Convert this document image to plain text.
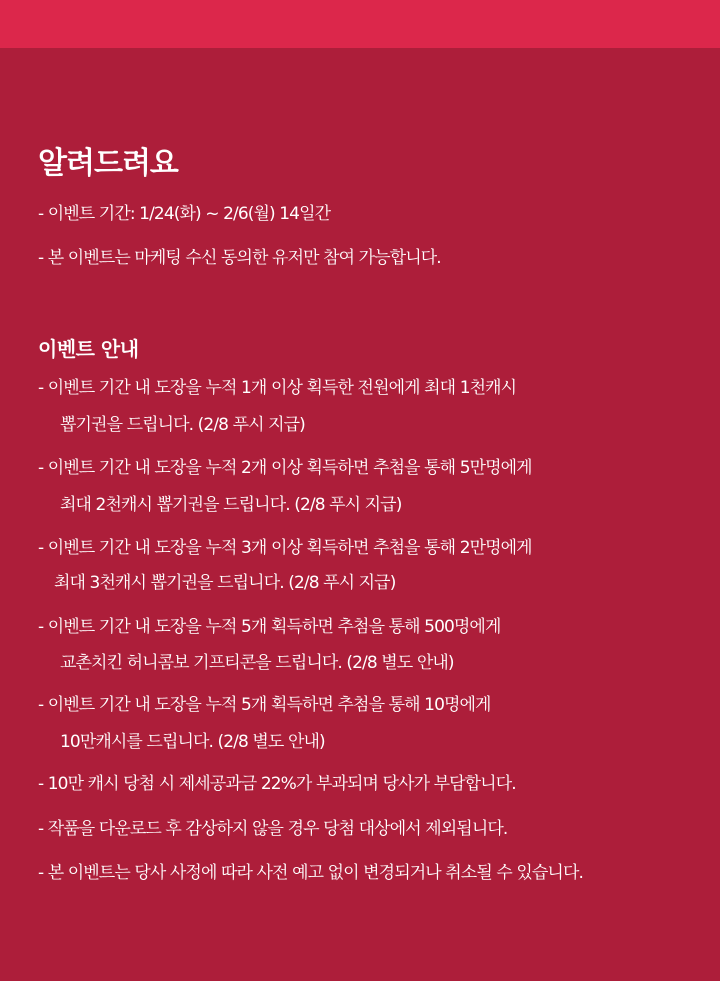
알려드려요
- 이벤트 기간: 1/24(화) ~ 2/6(월) 14일간
- 본 이벤트는 마케팅 수신 동의한 유저만 참여 가능합니다.
이벤트 안내
- 이벤트 기간 내 도장을 누적 1개 이상 획득한 전원에게 최대 1천캐시
뽑기권을 드립니다. (2/8 푸시 지급)
- 이벤트 기간 내 도장을 누적 2개 이상 획득하면 추첨을 통해 5만명에게
최대 2천캐시 뽑기권을 드립니다. (2/8 푸시 지급)
- 이벤트 기간 내 도장을 누적 3개 이상 획득하면 추첨을 통해 2만명에게
최대 3천캐시 뽑기권을 드립니다. (2/8 푸시 지급)
- 이벤트 기간 내 도장을 누적 5개 획득하면 추첨을 통해 500명에게
교촌치킨 허니콤보 기프티콘을 드립니다. (2/8 별도 안내)
- 이벤트 기간 내 도장을 누적 5개 획득하면 추첨을 통해 10명에게
10만캐시를 드립니다. (2/8 별도 안내)
- 10만 캐시 당첨 시 제세공과금 22%가 부과되며 당사가 부담합니다.
- 작품을 다운로드 후 감상하지 않을 경우 당첨 대상에서 제외됩니다.
- 본 이벤트는 당사 사정에 따라 사전 예고 없이 변경되거나 취소될 수 있습니다.
